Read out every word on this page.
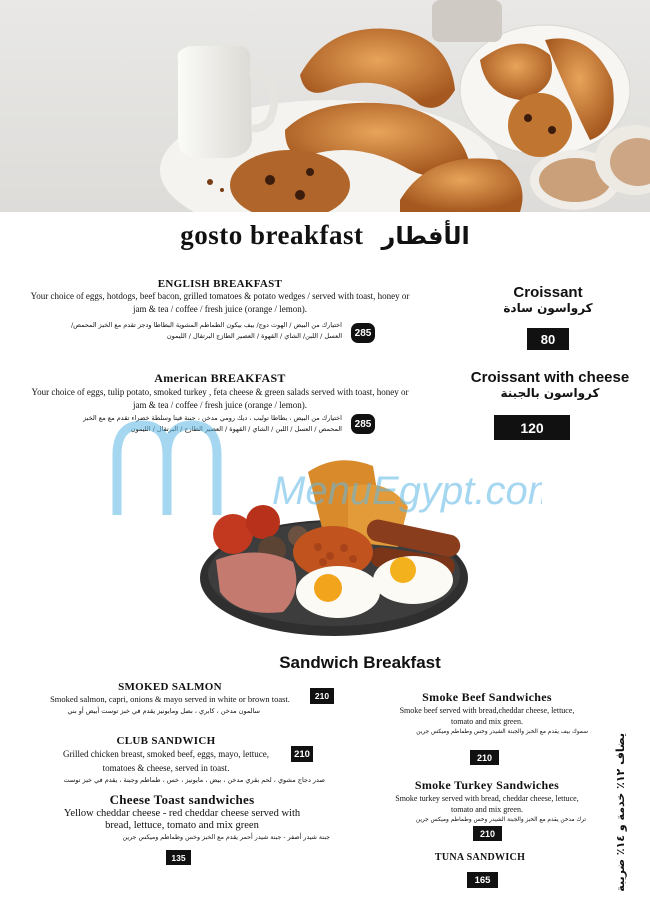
gosto breakfast الأفطار
ENGLISH BREAKFAST
Your choice of eggs, hotdogs, beef bacon, grilled tomatoes & potato wedges / served with toast, honey or jam & tea / coffee / fresh juice (orange / lemon).
اختيارك من البيض / الهوت دوج/ بيف بيكون الطماطم المشوية البطاطا ودجز تقدم مع الخبز المحمص/ العسل / اللبن/ الشاي / القهوة / العصير الطازج البرتقال / الليمون	285
American BREAKFAST
Your choice of eggs, tulip potato, smoked turkey , feta cheese & green salads served with toast, honey or jam & tea / coffee / fresh juice (orange / lemon).
اختيارك من البيض ، بطاطا توليب ، ديك رومي مدخن ، جبنة فيتا وسلطة خضراء تقدم مع مع الخبز المحمص / العسل / اللبن / الشاي / القهوة / العصير الطازج / البرتقال / الليمون	285
Croissant
كرواسون سادة
80
Croissant with cheese
كرواسون بالجبنة
120
MenuEgypt.com
Sandwich Breakfast
SMOKED SALMON
Smoked salmon, capri, onions & mayo served in white or brown toast.
سالمون مدخن ، كابري ، بصل ومايونيز يقدم في خبز توست أبيض أو بني
210
CLUB SANDWICH
Grilled chicken breast, smoked beef, eggs, mayo, lettuce, tomatoes & cheese, served in toast.
210
صدر دجاج مشوي ، لحم بقري مدخن ، بيض ، مايونيز ، خس ، طماطم وجبنة ، يقدم في خبز توست
Cheese Toast sandwiches
Yellow cheddar cheese - red cheddar cheese served with bread, lettuce, tomato and mix green
جبنة شيدر أصفر - جبنة شيدر أحمر يقدم مع الخبز وخس وطماطم وميكس جرين
135
Smoke Beef Sandwiches
Smoke beef served with bread,cheddar cheese, lettuce, tomato and mix green.
سموك بيف يقدم مع الخبز والجبنة الشيدر وخس وطماطم وميكس جرين
210
Smoke Turkey Sandwiches
Smoke turkey served with bread, cheddar cheese, lettuce, tomato and mix green.
ترك مدخن يقدم مع الخبز والجبنة الشيدر وخس وطماطم وميكس جرين
210
TUNA SANDWICH
165	يضاف ١٢٪ خدمة و ١٤٪ ضريبة
